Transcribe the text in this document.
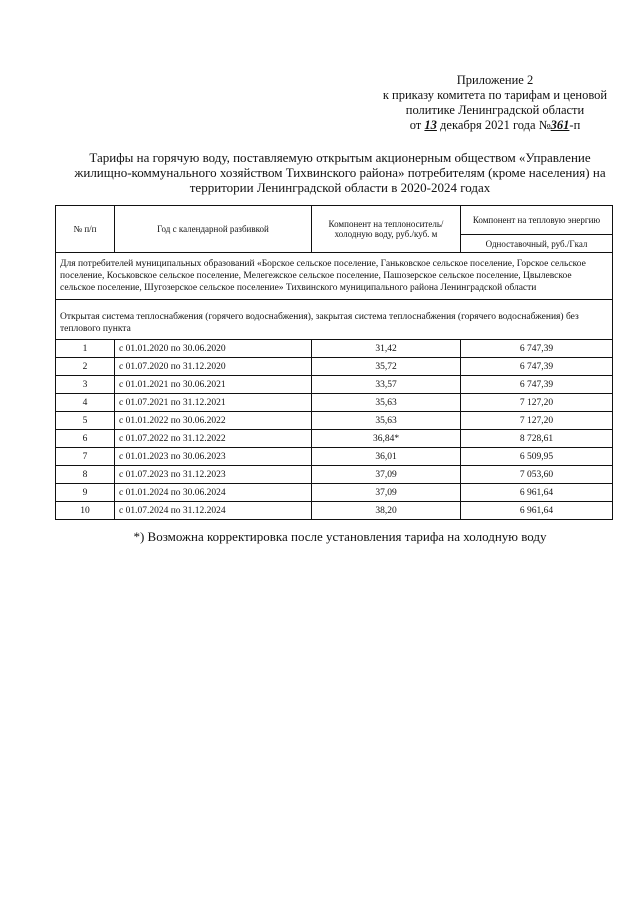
Приложение 2
к приказу комитета по тарифам и ценовой
политике Ленинградской области
от 13 декабря 2021 года №361-п
Тарифы на горячую воду, поставляемую открытым акционерным обществом «Управление жилищно-коммунального хозяйством Тихвинского района» потребителям (кроме населения) на территории Ленинградской области в 2020-2024 годах
№ п/п	Год с календарной разбивкой	Компонент на теплоноситель/ холодную воду, руб./куб. м	Компонент на тепловую энергию
			Одноставочный, руб./Гкал
Для потребителей муниципальных образований «Борское сельское поселение, Ганьковское сельское поселение, Горское сельское поселение, Коськовское сельское поселение, Мелегежское сельское поселение, Пашозерское сельское поселение, Цвылевское сельское поселение, Шугозерское сельское поселение» Тихвинского муниципального района Ленинградской области			
Открытая система теплоснабжения (горячего водоснабжения), закрытая система теплоснабжения (горячего водоснабжения) без теплового пункта			
1	с 01.01.2020 по 30.06.2020	31,42	6 747,39
2	с 01.07.2020 по 31.12.2020	35,72	6 747,39
3	с 01.01.2021 по 30.06.2021	33,57	6 747,39
4	с 01.07.2021 по 31.12.2021	35,63	7 127,20
5	с 01.01.2022 по 30.06.2022	35,63	7 127,20
6	с 01.07.2022 по 31.12.2022	36,84*	8 728,61
7	с 01.01.2023 по 30.06.2023	36,01	6 509,95
8	с 01.07.2023 по 31.12.2023	37,09	7 053,60
9	с 01.01.2024 по 30.06.2024	37,09	6 961,64
10	с 01.07.2024 по 31.12.2024	38,20	6 961,64
*) Возможна корректировка после установления тарифа на холодную воду
